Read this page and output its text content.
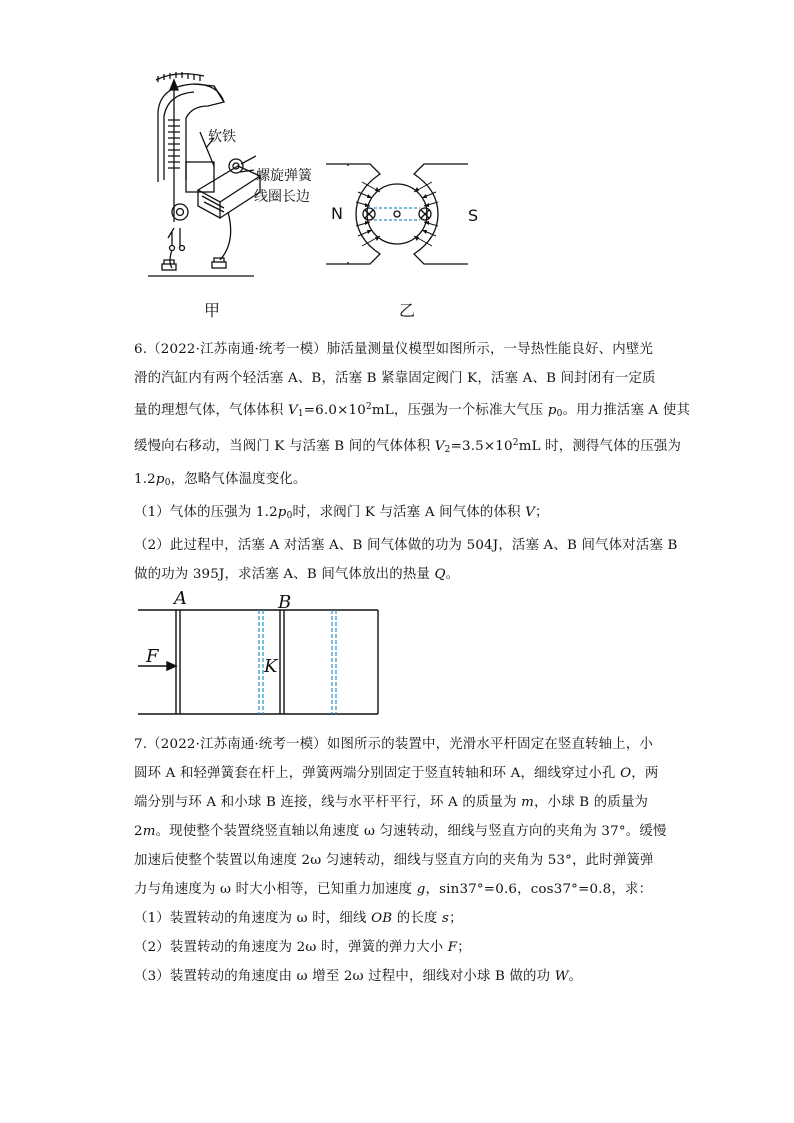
软铁
螺旋弹簧
线圈长边
甲
N	S
乙
6.（2022·江苏南通·统考一模）肺活量测量仪模型如图所示，一导热性能良好、内壁光
滑的汽缸内有两个轻活塞 A、B，活塞 B 紧靠固定阀门 K，活塞 A、B 间封闭有一定质
量的理想气体，气体体积 $V_1=6.0\times 10^2mL$，压强为一个标准大气压 $p_0$。用力推活塞 A 使其
缓慢向右移动，当阀门 K 与活塞 B 间的气体体积 $V_2=3.5\times 10^2mL$ 时，测得气体的压强为
$1.2p_0$，忽略气体温度变化。
（1）气体的压强为 $1.2p_0$时，求阀门 K 与活塞 A 间气体的体积 V；
（2）此过程中，活塞 A 对活塞 A、B 间气体做的功为 504J，活塞 A、B 间气体对活塞 B
做的功为 395J，求活塞 A、B 间气体放出的热量 Q。
A	B
F	K
7.（2022·江苏南通·统考一模）如图所示的装置中，光滑水平杆固定在竖直转轴上，小
圆环 A 和轻弹簧套在杆上，弹簧两端分别固定于竖直转轴和环 A，细线穿过小孔 O，两
端分别与环 A 和小球 B 连接，线与水平杆平行，环 A 的质量为 m，小球 B 的质量为
2m。现使整个装置绕竖直轴以角速度 ω 匀速转动，细线与竖直方向的夹角为 37°。缓慢
加速后使整个装置以角速度 2ω 匀速转动，细线与竖直方向的夹角为 53°，此时弹簧弹
力与角速度为 ω 时大小相等，已知重力加速度 g，sin37°=0.6，cos37°=0.8，求：
（1）装置转动的角速度为 ω 时，细线 OB 的长度 s；
（2）装置转动的角速度为 2ω 时，弹簧的弹力大小 F；
（3）装置转动的角速度由 ω 增至 2ω 过程中，细线对小球 B 做的功 W。
